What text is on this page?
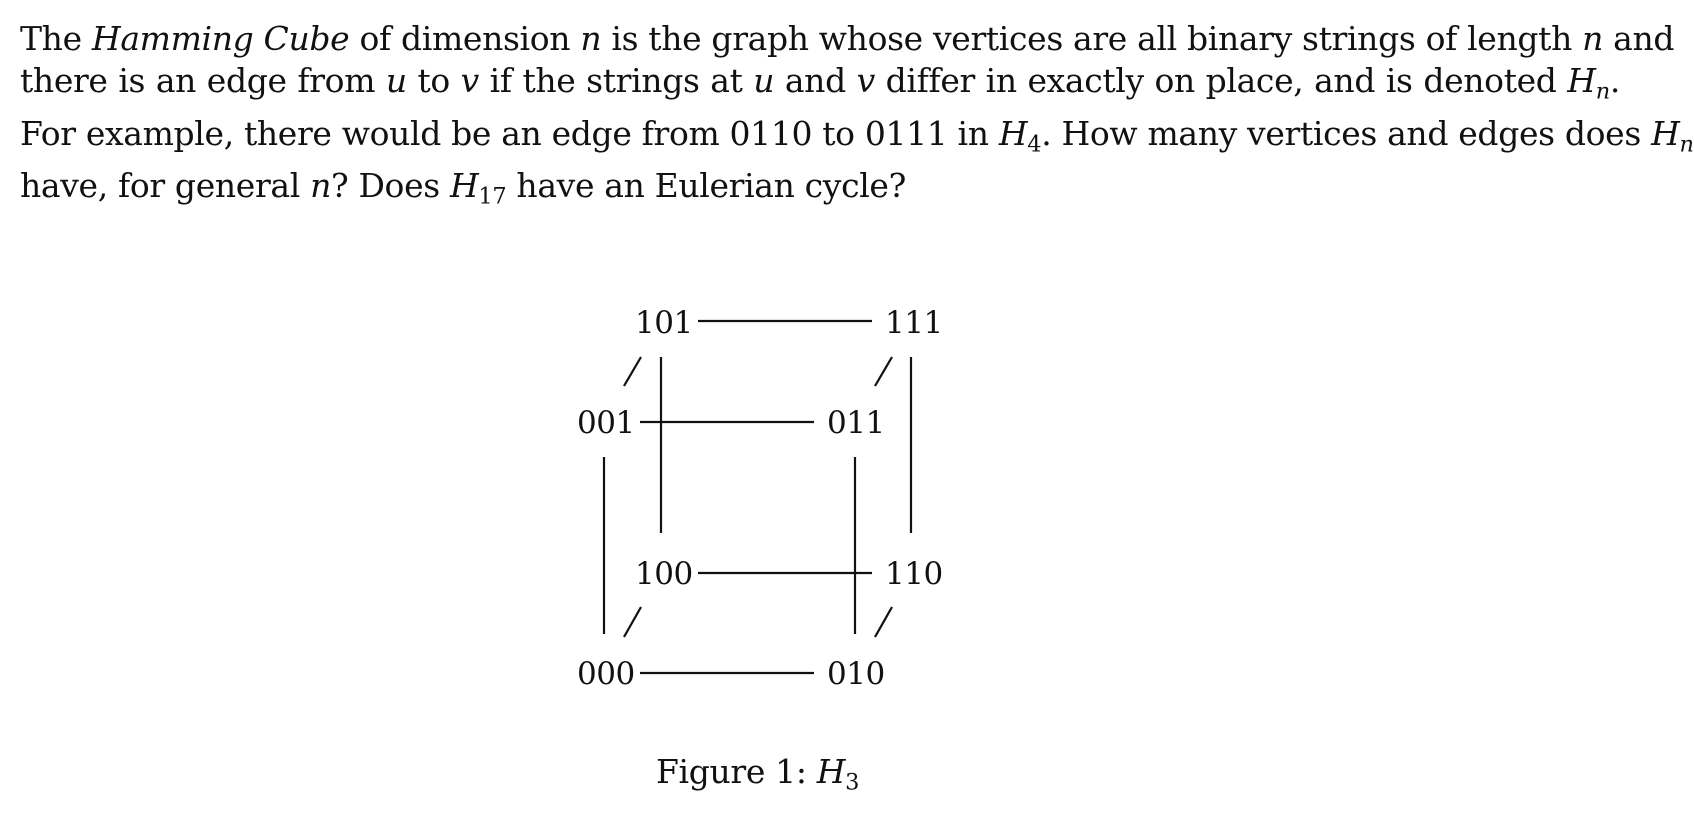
The Hamming Cube of dimension n is the graph whose vertices are all binary strings of length n and
there is an edge from u to v if the strings at u and v differ in exactly on place, and is denoted $H_n$.
For example, there would be an edge from 0110 to 0111 in $H_4$. How many vertices and edges does $H_n$
have, for general n? Does $H_{17}$ have an Eulerian cycle?

101	111
001	011
100	110
000	010
Figure 1: $H_3$
